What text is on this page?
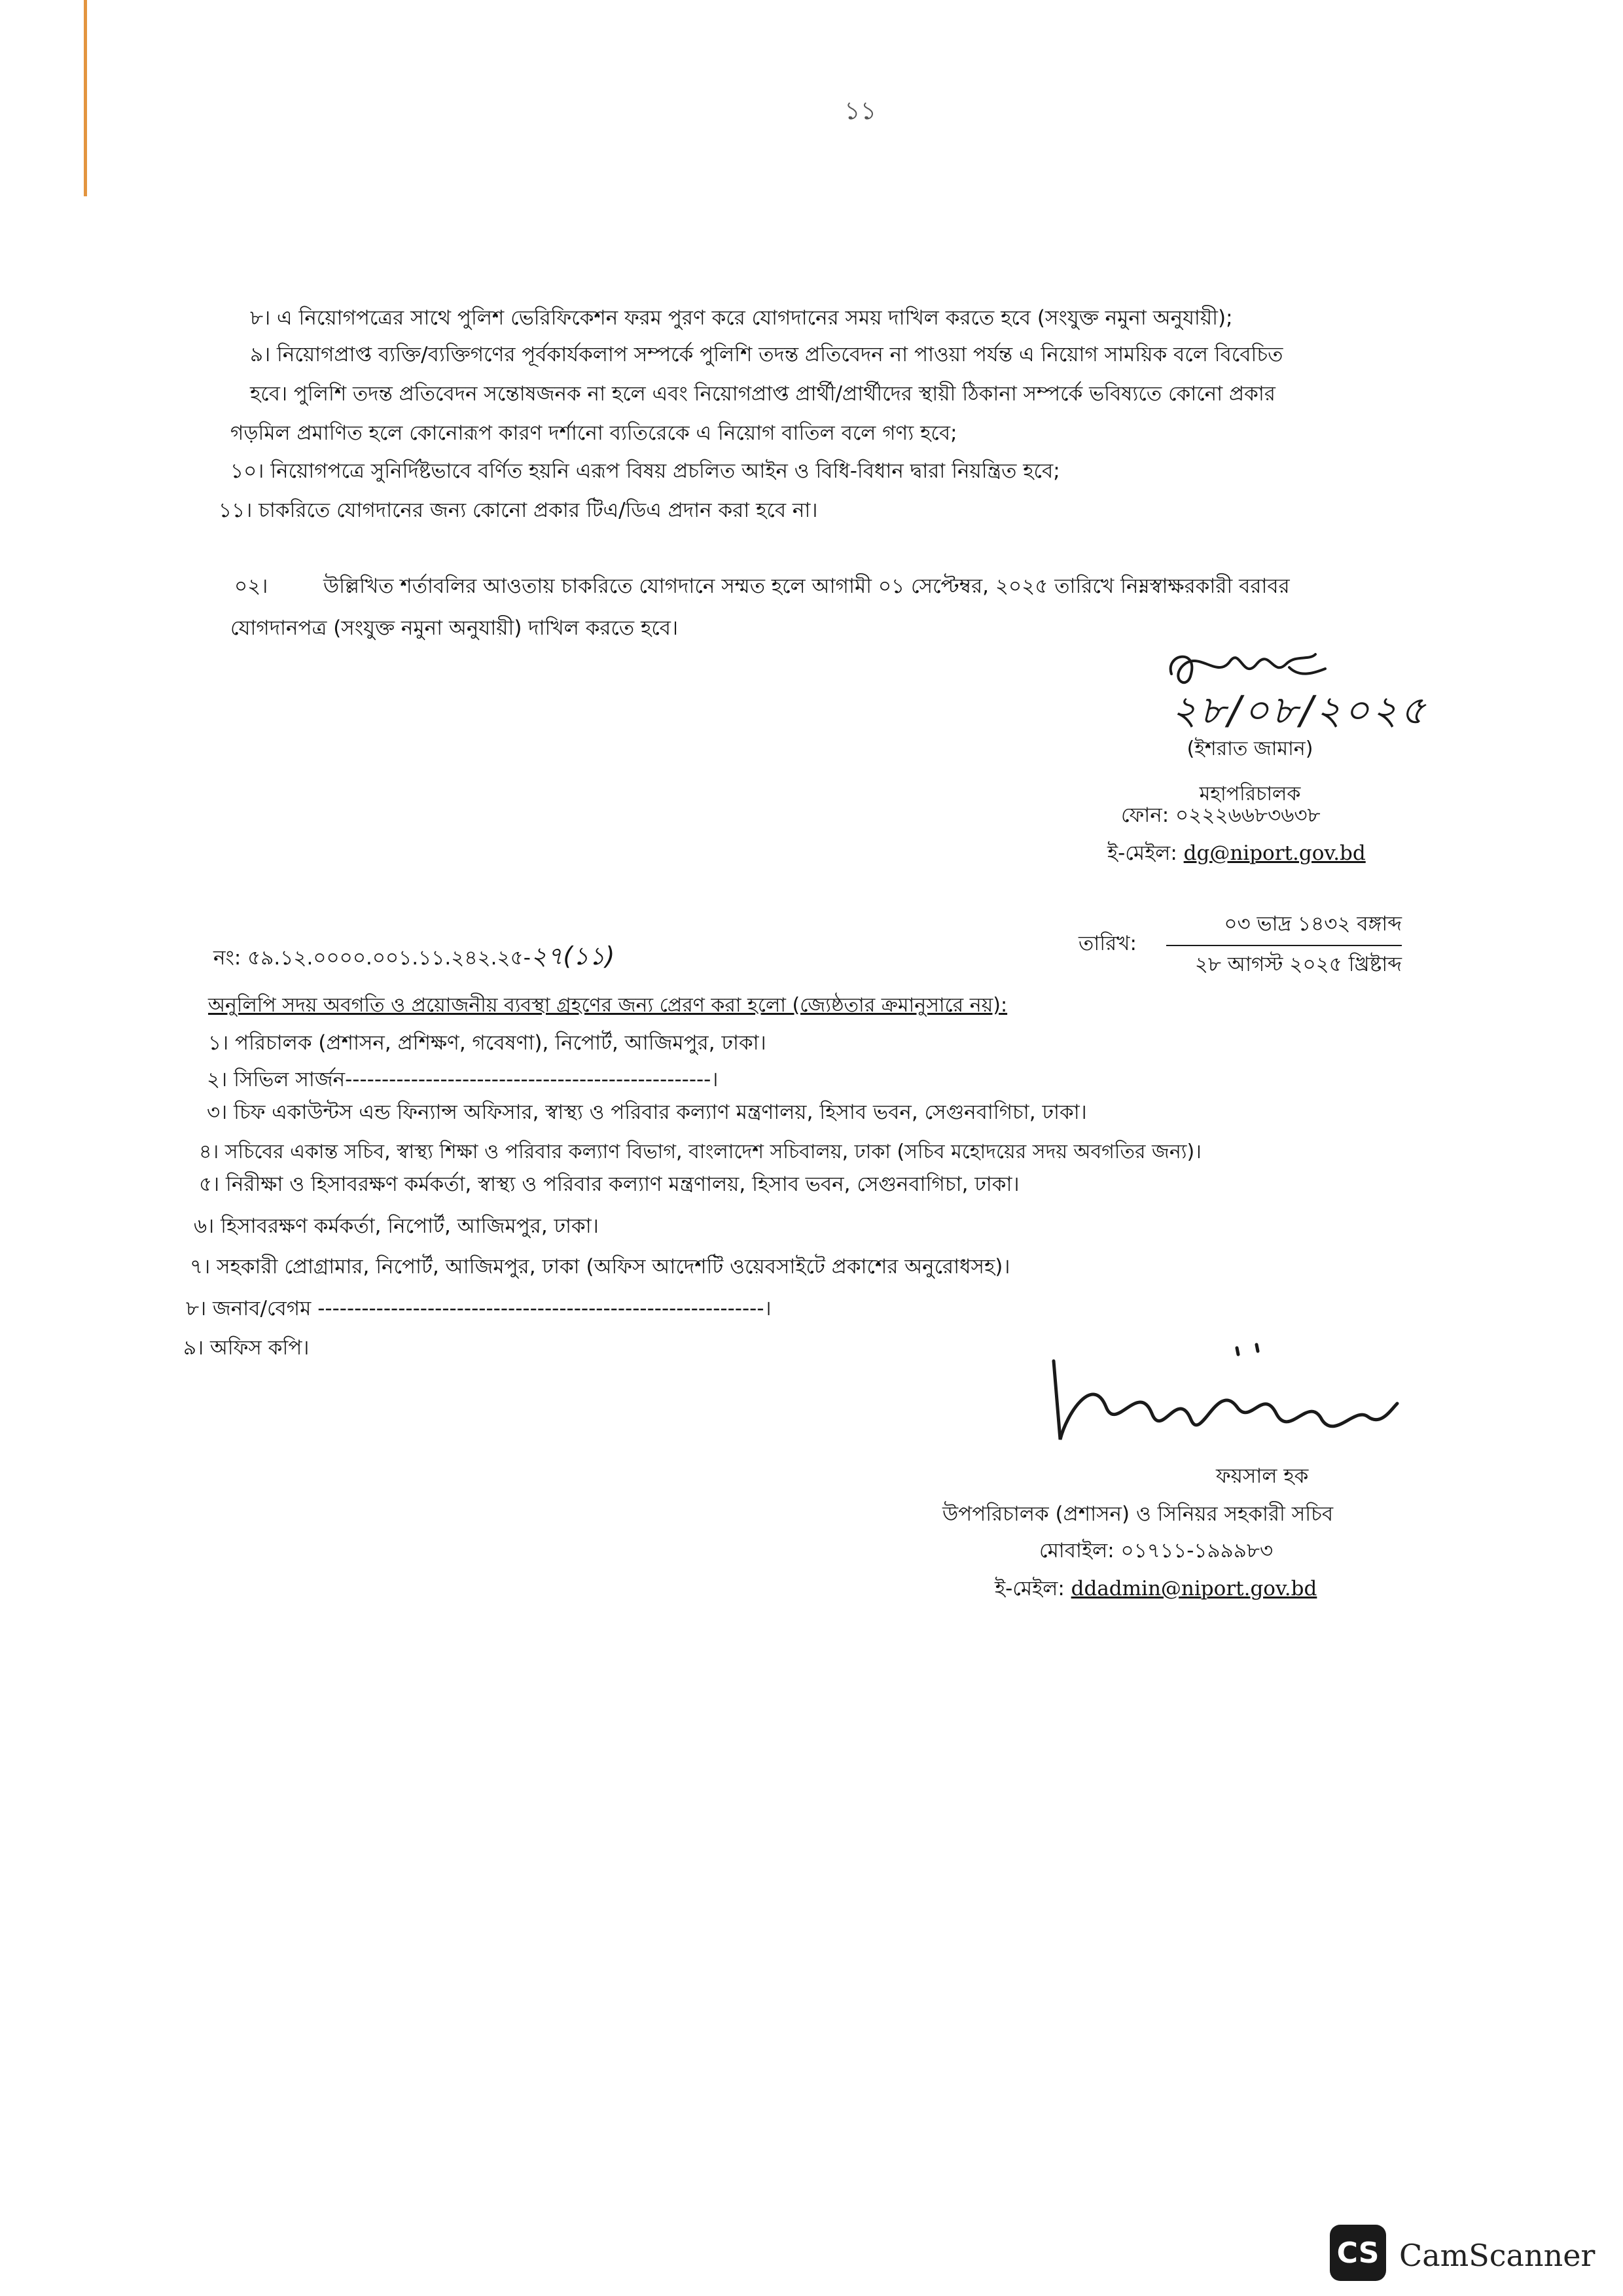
১১
৮। এ নিয়োগপত্রের সাথে পুলিশ ভেরিফিকেশন ফরম পুরণ করে যোগদানের সময় দাখিল করতে হবে (সংযুক্ত নমুনা অনুযায়ী);
৯। নিয়োগপ্রাপ্ত ব্যক্তি/ব্যক্তিগণের পূর্বকার্যকলাপ সম্পর্কে পুলিশি তদন্ত প্রতিবেদন না পাওয়া পর্যন্ত এ নিয়োগ সাময়িক বলে বিবেচিত
হবে। পুলিশি তদন্ত প্রতিবেদন সন্তোষজনক না হলে এবং নিয়োগপ্রাপ্ত প্রার্থী/প্রার্থীদের স্থায়ী ঠিকানা সম্পর্কে ভবিষ্যতে কোনো প্রকার
গড়মিল প্রমাণিত হলে কোনোরূপ কারণ দর্শানো ব্যতিরেকে এ নিয়োগ বাতিল বলে গণ্য হবে;
১০। নিয়োগপত্রে সুনির্দিষ্টভাবে বর্ণিত হয়নি এরূপ বিষয় প্রচলিত আইন ও বিধি-বিধান দ্বারা নিয়ন্ত্রিত হবে;
১১। চাকরিতে যোগদানের জন্য কোনো প্রকার টিএ/ডিএ প্রদান করা হবে না।
০২।	উল্লিখিত শর্তাবলির আওতায় চাকরিতে যোগদানে সম্মত হলে আগামী ০১ সেপ্টেম্বর, ২০২৫ তারিখে নিম্নস্বাক্ষরকারী বরাবর
যোগদানপত্র (সংযুক্ত নমুনা অনুযায়ী) দাখিল করতে হবে।
২৮/০৮/২০২৫
(ইশরাত জামান)
মহাপরিচালক
ফোন: ০২২২৬৬৮৩৬৩৮
ই-মেইল: dg@niport.gov.bd
নং: ৫৯.১২.০০০০.০০১.১১.২৪২.২৫-২৭(১১)	তারিখ:
০৩ ভাদ্র ১৪৩২ বঙ্গাব্দ
২৮ আগস্ট ২০২৫ খ্রিষ্টাব্দ
অনুলিপি সদয় অবগতি ও প্রয়োজনীয় ব্যবস্থা গ্রহণের জন্য প্রেরণ করা হলো (জ্যেষ্ঠতার ক্রমানুসারে নয়):
১। পরিচালক (প্রশাসন, প্রশিক্ষণ, গবেষণা), নিপোর্ট, আজিমপুর, ঢাকা।
২। সিভিল সার্জন--------------------------------------------------।
৩। চিফ একাউন্টস এন্ড ফিন্যান্স অফিসার, স্বাস্থ্য ও পরিবার কল্যাণ মন্ত্রণালয়, হিসাব ভবন, সেগুনবাগিচা, ঢাকা।
৪। সচিবের একান্ত সচিব, স্বাস্থ্য শিক্ষা ও পরিবার কল্যাণ বিভাগ, বাংলাদেশ সচিবালয়, ঢাকা (সচিব মহোদয়ের সদয় অবগতির জন্য)।
৫। নিরীক্ষা ও হিসাবরক্ষণ কর্মকর্তা, স্বাস্থ্য ও পরিবার কল্যাণ মন্ত্রণালয়, হিসাব ভবন, সেগুনবাগিচা, ঢাকা।
৬। হিসাবরক্ষণ কর্মকর্তা, নিপোর্ট, আজিমপুর, ঢাকা।
৭। সহকারী প্রোগ্রামার, নিপোর্ট, আজিমপুর, ঢাকা (অফিস আদেশটি ওয়েবসাইটে প্রকাশের অনুরোধসহ)।
৮। জনাব/বেগম -------------------------------------------------------------।
৯। অফিস কপি।
ফয়সাল হক
উপপরিচালক (প্রশাসন) ও সিনিয়র সহকারী সচিব
মোবাইল: ০১৭১১-১৯৯৯৮৩
ই-মেইল: ddadmin@niport.gov.bd
CS CamScanner
